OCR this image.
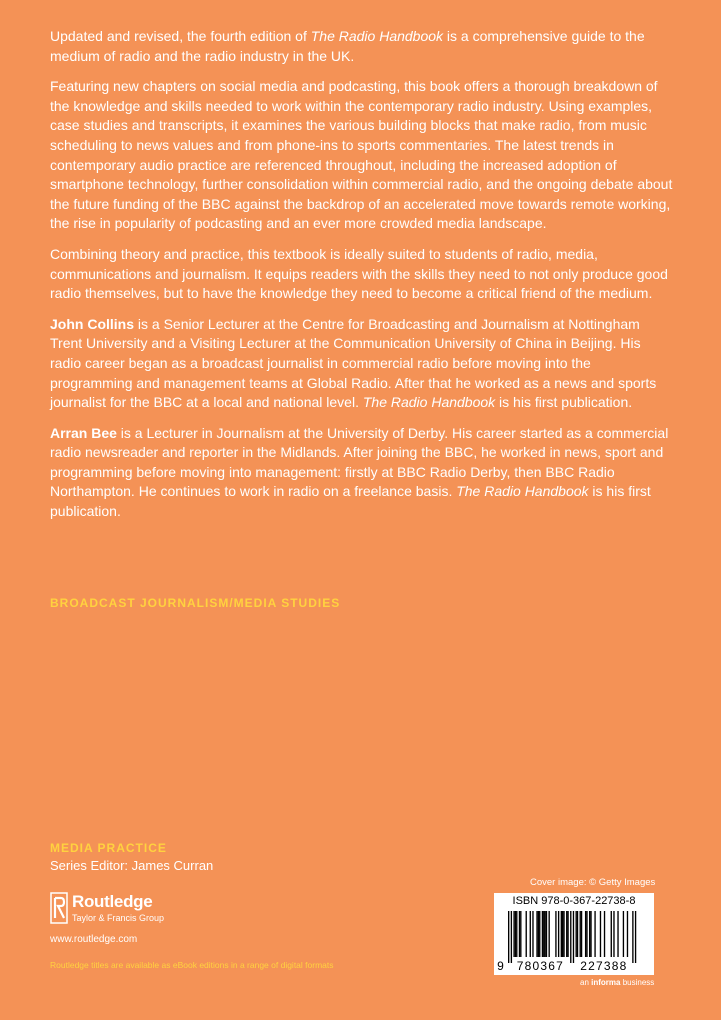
Updated and revised, the fourth edition of The Radio Handbook is a comprehensive guide to the medium of radio and the radio industry in the UK.

Featuring new chapters on social media and podcasting, this book offers a thorough breakdown of the knowledge and skills needed to work within the contemporary radio industry. Using examples, case studies and transcripts, it examines the various building blocks that make radio, from music scheduling to news values and from phone-ins to sports commentaries. The latest trends in contemporary audio practice are referenced throughout, including the increased adoption of smartphone technology, further consolidation within commercial radio, and the ongoing debate about the future funding of the BBC against the backdrop of an accelerated move towards remote working, the rise in popularity of podcasting and an ever more crowded media landscape.

Combining theory and practice, this textbook is ideally suited to students of radio, media, communications and journalism. It equips readers with the skills they need to not only produce good radio themselves, but to have the knowledge they need to become a critical friend of the medium.

John Collins is a Senior Lecturer at the Centre for Broadcasting and Journalism at Nottingham Trent University and a Visiting Lecturer at the Communication University of China in Beijing. His radio career began as a broadcast journalist in commercial radio before moving into the programming and management teams at Global Radio. After that he worked as a news and sports journalist for the BBC at a local and national level. The Radio Handbook is his first publication.

Arran Bee is a Lecturer in Journalism at the University of Derby. His career started as a commercial radio newsreader and reporter in the Midlands. After joining the BBC, he worked in news, sport and programming before moving into management: firstly at BBC Radio Derby, then BBC Radio Northampton. He continues to work in radio on a freelance basis. The Radio Handbook is his first publication.

BROADCAST JOURNALISM/MEDIA STUDIES
MEDIA PRACTICE
Series Editor: James Curran
Routledge
Taylor & Francis Group
www.routledge.com
Routledge titles are available as eBook editions in a range of digital formats
Cover image: © Getty Images
ISBN 978-0-367-22738-8
9 780367 227388
an informa business
